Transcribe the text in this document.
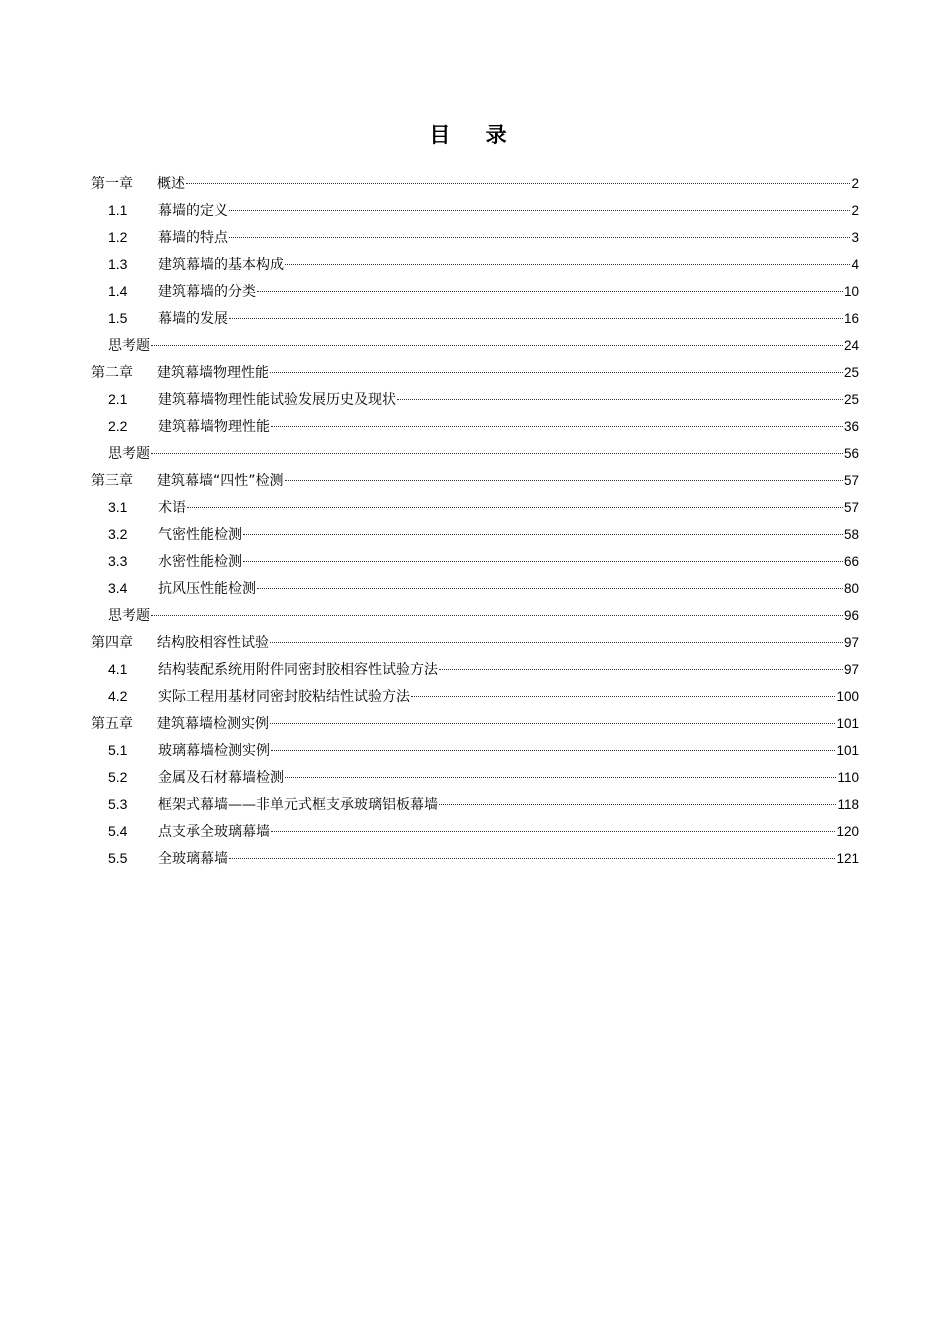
目 录
第一章	概述	2
1.1	幕墙的定义	2
1.2	幕墙的特点	3
1.3	建筑幕墙的基本构成	4
1.4	建筑幕墙的分类	10
1.5	幕墙的发展	16
思考题	24
第二章	建筑幕墙物理性能	25
2.1	建筑幕墙物理性能试验发展历史及现状	25
2.2	建筑幕墙物理性能	36
思考题	56
第三章	建筑幕墙“四性”检测	57
3.1	术语	57
3.2	气密性能检测	58
3.3	水密性能检测	66
3.4	抗风压性能检测	80
思考题	96
第四章	结构胶相容性试验	97
4.1	结构装配系统用附件同密封胶相容性试验方法	97
4.2	实际工程用基材同密封胶粘结性试验方法	100
第五章	建筑幕墙检测实例	101
5.1	玻璃幕墙检测实例	101
5.2	金属及石材幕墙检测	110
5.3	框架式幕墙——非单元式框支承玻璃铝板幕墙	118
5.4	点支承全玻璃幕墙	120
5.5	全玻璃幕墙	121
